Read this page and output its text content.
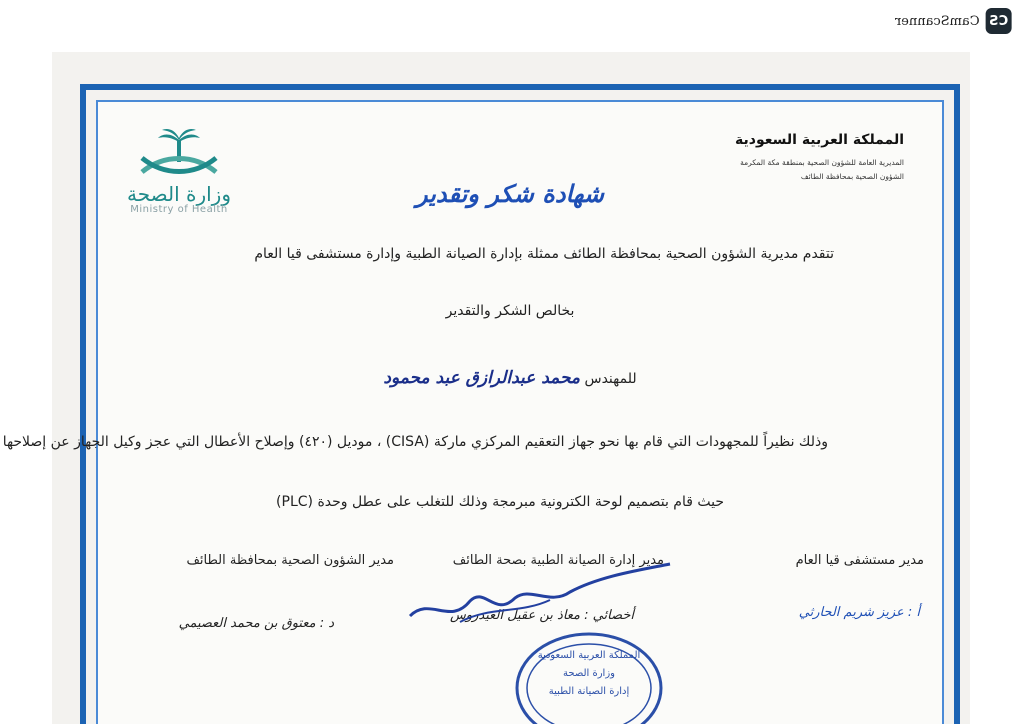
CS
CamScanner
المملكة العربية السعودية
المديرية العامة للشؤون الصحية بمنطقة مكة المكرمة
الشؤون الصحية بمحافظة الطائف
وزارة الصحة
Ministry of Health
شهادة شكر وتقدير
تتقدم مديرية الشؤون الصحية بمحافظة الطائف ممثلة بإدارة الصيانة الطبية وإدارة مستشفى قيا العام
بخالص الشكر والتقدير
للمهندس محمد عبدالرازق عبد محمود
وذلك نظيراً للمجهودات التي قام بها نحو جهاز التعقيم المركزي ماركة (CISA) ، موديل (٤٢٠) وإصلاح الأعطال التي عجز وكيل الجهاز عن إصلاحها
حيث قام بتصميم لوحة الكترونية مبرمجة وذلك للتغلب على عطل وحدة (PLC)
مدير مستشفى قيا العام
مدير إدارة الصيانة الطبية بصحة الطائف
مدير الشؤون الصحية بمحافظة الطائف
أ : عزيز شريم الحارثي
أخصائي : معاذ بن عقيل العيدروس
د : معتوق بن محمد العصيمي
المملكة العربية السعودية
وزارة الصحة
إدارة الصيانة الطبية
